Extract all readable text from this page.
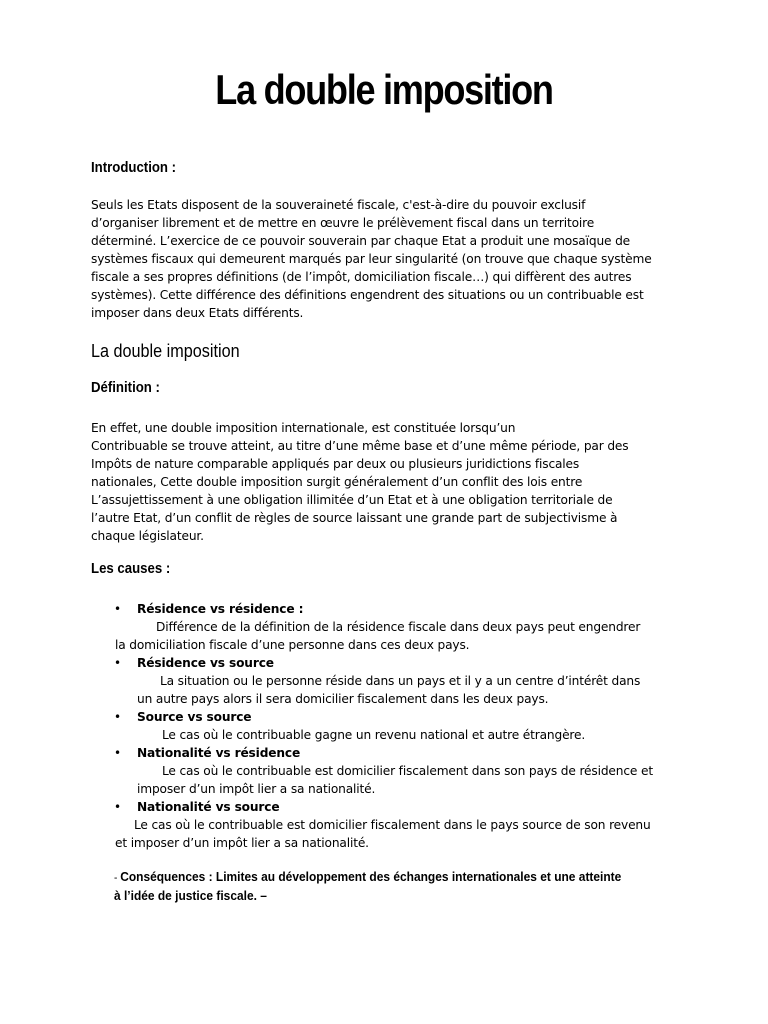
La double imposition
Introduction :

Seuls les Etats disposent de la souveraineté fiscale, c'est-à-dire du pouvoir exclusif
d’organiser librement et de mettre en œuvre le prélèvement fiscal dans un territoire
déterminé. L’exercice de ce pouvoir souverain par chaque Etat a produit une mosaïque de
systèmes fiscaux qui demeurent marqués par leur singularité (on trouve que chaque système
fiscale a ses propres définitions (de l’impôt, domiciliation fiscale…) qui diffèrent des autres
systèmes). Cette différence des définitions engendrent des situations ou un contribuable est
imposer dans deux Etats différents.

La double imposition
Définition :

En effet, une double imposition internationale, est constituée lorsqu’un
Contribuable se trouve atteint, au titre d’une même base et d’une même période, par des
Impôts de nature comparable appliqués par deux ou plusieurs juridictions fiscales
nationales, Cette double imposition surgit généralement d’un conflit des lois entre
L’assujettissement à une obligation illimitée d’un Etat et à une obligation territoriale de
l’autre Etat, d’un conflit de règles de source laissant une grande part de subjectivisme à
chaque législateur.

Les causes :
• Résidence vs résidence :
Différence de la définition de la résidence fiscale dans deux pays peut engendrer
la domiciliation fiscale d’une personne dans ces deux pays.
• Résidence vs source
La situation ou le personne réside dans un pays et il y a un centre d’intérêt dans
un autre pays alors il sera domicilier fiscalement dans les deux pays.
• Source vs source
Le cas où le contribuable gagne un revenu national et autre étrangère.
• Nationalité vs résidence
Le cas où le contribuable est domicilier fiscalement dans son pays de résidence et
imposer d’un impôt lier a sa nationalité.
• Nationalité vs source
Le cas où le contribuable est domicilier fiscalement dans le pays source de son revenu
et imposer d’un impôt lier a sa nationalité.

- Conséquences : Limites au développement des échanges internationales et une atteinte à l’idée de justice fiscale. –
